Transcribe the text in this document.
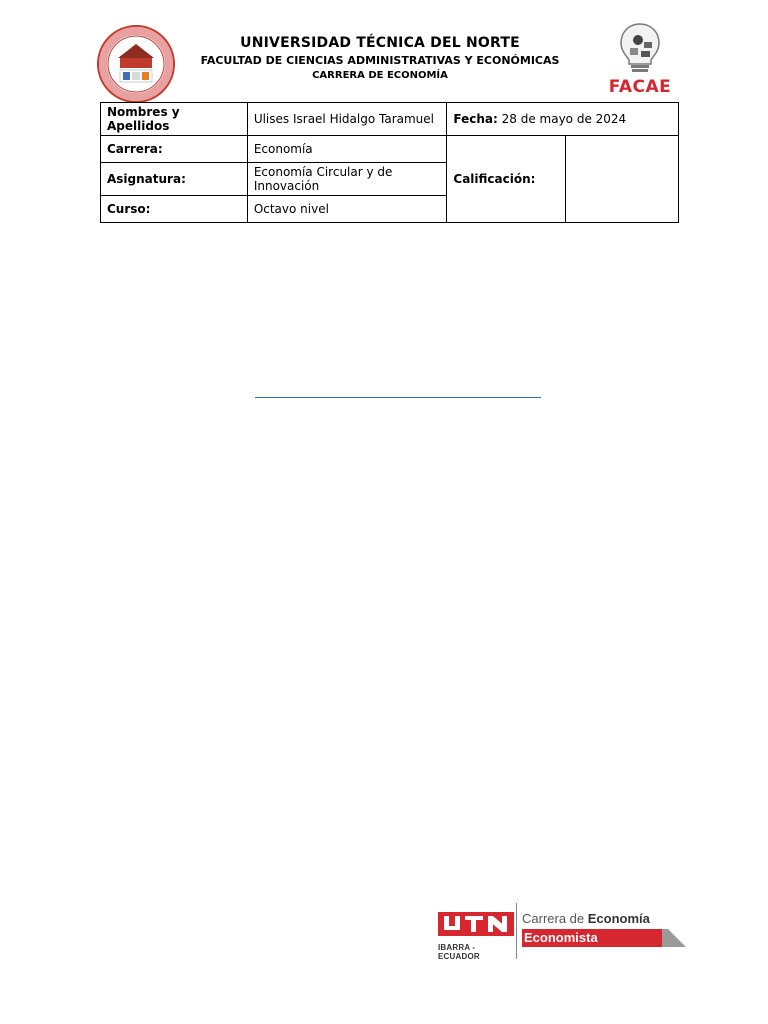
UNIVERSIDAD TÉCNICA DEL NORTE
FACULTAD DE CIENCIAS ADMINISTRATIVAS Y ECONÓMICAS
CARRERA DE ECONOMÍA
FACAE
Nombres y Apellidos	Ulises Israel Hidalgo Taramuel	Fecha: 28 de mayo de 2024	
Carrera:	Economía	Calificación:	
Asignatura:	Economía Circular y de Innovación		
Curso:	Octavo nivel		
IBARRA - ECUADOR
Carrera de Economía
Economista
